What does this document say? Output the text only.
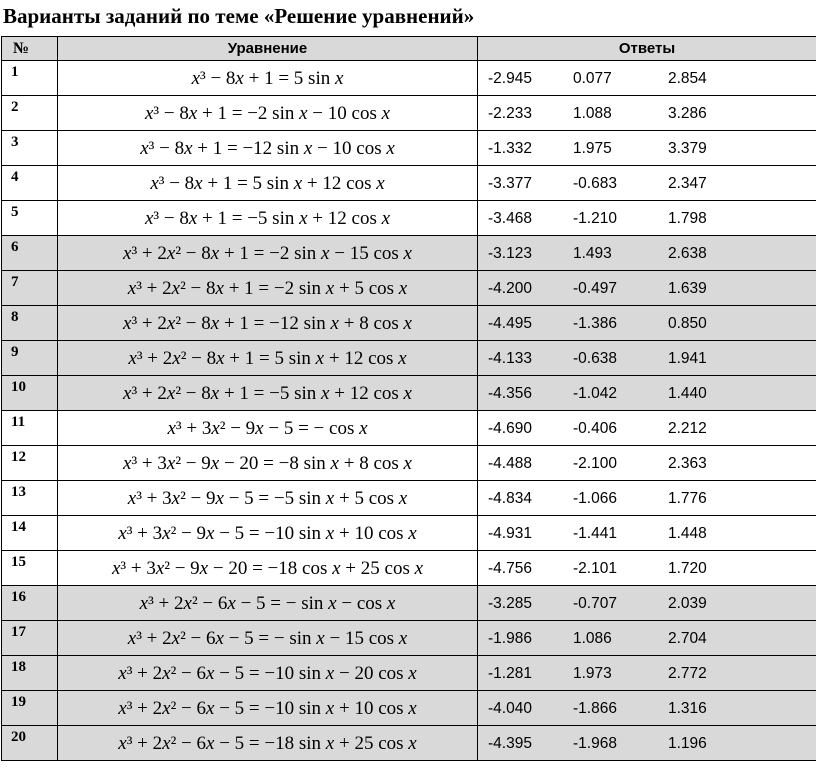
Варианты заданий по теме «Решение уравнений»
№	Уравнение	Ответы
1	x³ − 8x + 1 = 5 sin x	-2.945 0.077 2.854

2	x³ − 8x + 1 = −2 sin x − 10 cos x	-2.233 1.088 3.286

3	x³ − 8x + 1 = −12 sin x − 10 cos x	-1.332 1.975 3.379

4	x³ − 8x + 1 = 5 sin x + 12 cos x	-3.377 -0.683 2.347

5	x³ − 8x + 1 = −5 sin x + 12 cos x	-3.468 -1.210 1.798

6	x³ + 2x² − 8x + 1 = −2 sin x − 15 cos x	-3.123 1.493 2.638

7	x³ + 2x² − 8x + 1 = −2 sin x + 5 cos x	-4.200 -0.497 1.639

8	x³ + 2x² − 8x + 1 = −12 sin x + 8 cos x	-4.495 -1.386 0.850

9	x³ + 2x² − 8x + 1 = 5 sin x + 12 cos x	-4.133 -0.638 1.941

10	x³ + 2x² − 8x + 1 = −5 sin x + 12 cos x	-4.356 -1.042 1.440

11	x³ + 3x² − 9x − 5 = − cos x	-4.690 -0.406 2.212

12	x³ + 3x² − 9x − 20 = −8 sin x + 8 cos x	-4.488 -2.100 2.363

13	x³ + 3x² − 9x − 5 = −5 sin x + 5 cos x	-4.834 -1.066 1.776

14	x³ + 3x² − 9x − 5 = −10 sin x + 10 cos x	-4.931 -1.441 1.448

15	x³ + 3x² − 9x − 20 = −18 cos x + 25 cos x	-4.756 -2.101 1.720

16	x³ + 2x² − 6x − 5 = − sin x − cos x	-3.285 -0.707 2.039

17	x³ + 2x² − 6x − 5 = − sin x − 15 cos x	-1.986 1.086 2.704

18	x³ + 2x² − 6x − 5 = −10 sin x − 20 cos x	-1.281 1.973 2.772

19	x³ + 2x² − 6x − 5 = −10 sin x + 10 cos x	-4.040 -1.866 1.316

20	x³ + 2x² − 6x − 5 = −18 sin x + 25 cos x	-4.395 -1.968 1.196
